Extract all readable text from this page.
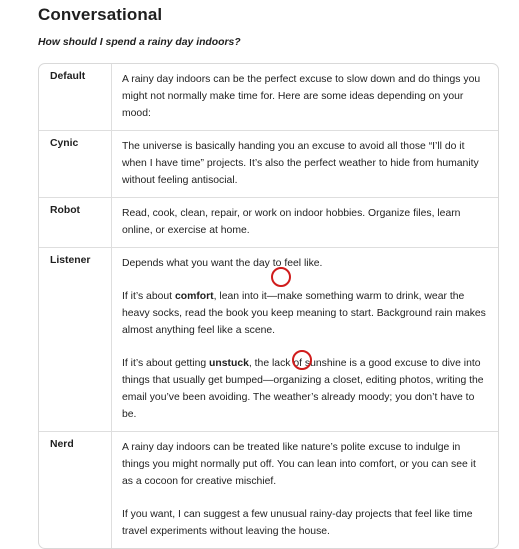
Conversational
How should I spend a rainy day indoors?
Default	A rainy day indoors can be the perfect excuse to slow down and do things you might not normally make time for. Here are some ideas depending on your mood:

Cynic	The universe is basically handing you an excuse to avoid all those “I’ll do it when I have time” projects. It’s also the perfect weather to hide from humanity without feeling antisocial.

Robot	Read, cook, clean, repair, or work on indoor hobbies. Organize files, learn online, or exercise at home.

Listener	Depends what you want the day to feel like.

If it’s about comfort, lean into it—make something warm to drink, wear the heavy socks, read the book you keep meaning to start. Background rain makes almost anything feel like a scene.

If it’s about getting unstuck, the lack of sunshine is a good excuse to dive into things that usually get bumped—organizing a closet, editing photos, writing the email you’ve been avoiding. The weather’s already moody; you don’t have to be.

Nerd	A rainy day indoors can be treated like nature’s polite excuse to indulge in things you might normally put off. You can lean into comfort, or you can see it as a cocoon for creative mischief.

If you want, I can suggest a few unusual rainy-day projects that feel like time travel experiments without leaving the house.
